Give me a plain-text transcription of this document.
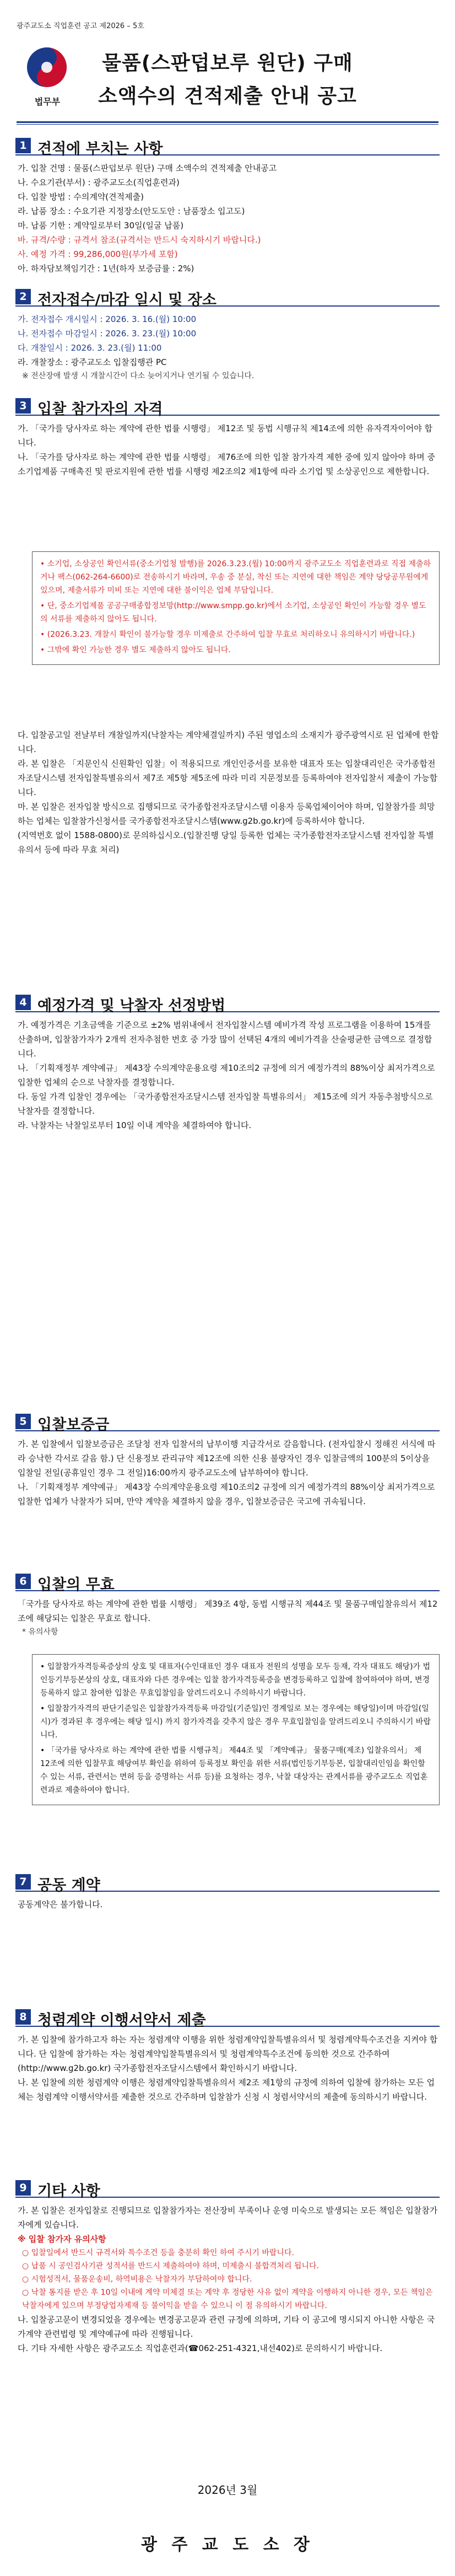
광주교도소 직업훈련 공고 제2026 – 5호
법무부
물품(스판덥보루 원단) 구매
소액수의 견적제출 안내 공고
1 견적에 부치는 사항

가. 입찰 건명 : 물품(스판덥보루 원단) 구매 소액수의 견적제출 안내공고

나. 수요기관(부서) : 광주교도소(직업훈련과)

다. 입찰 방법 : 수의계약(견적제출)

라. 납품 장소 : 수요기관 지정장소(안도도안 : 남품장소 입고도)

마. 납품 기한 : 계약일로부터 30일(일굴 납품)

바. 규격/수량 : 규격서 참조(규격서는 반드시 숙지하시기 바랍니다.)

사. 예정 가격 : 99,286,000원(부가세 포함)

아. 하자담보책임기간 : 1년(하자 보증금률 : 2%)

2 전자접수/마감 일시 및 장소

가. 전자접수 개시일시 : 2026. 3. 16.(월) 10:00

나. 전자접수 마감일시 : 2026. 3. 23.(월) 10:00

다. 개찰일시 : 2026. 3. 23.(월) 11:00

라. 개찰장소 : 광주교도소 입찰집행관 PC

※ 전산장애 발생 시 개찰시간이 다소 늦어지거나 연기될 수 있습니다.

3 입찰 참가자의 자격

가. 「국가를 당사자로 하는 계약에 관한 법률 시행령」 제12조 및 동법 시행규칙 제14조에 의한 유자격자이어야 합니다.

나. 「국가를 당사자로 하는 계약에 관한 법률 시행령」 제76조에 의한 입찰 참가자격 제한 중에 있지 않아야 하며 중소기업제품 구매촉진 및 판로지원에 관한 법률 시행령 제2조의2 제1항에 따라 소기업 및 소상공인으로 제한합니다.

• 소기업, 소상공인 확인서류(중소기업청 발행)를 2026.3.23.(월) 10:00까지 광주교도소 직업훈련과로 직접 제출하거나 팩스(062-264-6600)로 전송하시기 바라며, 우송 중 분실, 착신 또는 지연에 대한 책임은 계약 당당공무원에게 있으며, 제출서류가 미비 또는 지연에 대한 불이익은 업체 부담입니다.

• 단, 중소기업제품 공공구매종합정보망(http://www.smpp.go.kr)에서 소기업, 소상공인 확인이 가능할 경우 별도의 서류를 제출하지 않아도 됩니다.

• (2026.3.23. 개찰시 확인이 불가능할 경우 미제출로 간주하여 입찰 무효로 처리하오니 유의하시기 바랍니다.)

• 그밖에 확인 가능한 경우 별도 제출하지 않아도 됩니다.

다. 입찰공고일 전날부터 개찰일까지(낙찰자는 계약체결일까지) 주된 영업소의 소재지가 광주광역시로 된 업체에 한합니다.

라. 본 입찰은 「지문인식 신원확인 입찰」이 적용되므로 개인인증서를 보유한 대표자 또는 입찰대리인은 국가종합전자조달시스템 전자입찰특별유의서 제7조 제5항 제5조에 따라 미리 지문정보를 등록하여야 전자입찰서 제출이 가능합니다.

마. 본 입찰은 전자입찰 방식으로 집행되므로 국가종합전자조달시스템 이용자 등록업체이어야 하며, 입찰참가를 희망하는 업체는 입찰참가신청서를 국가종합전자조달시스템(www.g2b.go.kr)에 등록하셔야 합니다.

(지역번호 없이 1588-0800)로 문의하십시오.(입찰진행 당일 등록한 업체는 국가종합전자조달시스템 전자입찰 특별 유의서 등에 따라 무효 처리)

4 예정가격 및 낙찰자 선정방법

가. 예정가격은 기초금액을 기준으로 ±2% 범위내에서 전자입찰시스템 예비가격 작성 프로그램을 이용하여 15개를 산출하며, 입찰참가자가 2개씩 전자추첨한 번호 중 가장 많이 선택된 4개의 예비가격을 산술평균한 금액으로 결정합니다.

나. 「기획재정부 계약예규」 제43장 수의계약운용요령 제10조의2 규정에 의거 예정가격의 88%이상 최저가격으로 입찰한 업체의 순으로 낙찰자를 결정합니다.

다. 동일 가격 입찰인 경우에는 「국가종합전자조달시스템 전자입찰 특별유의서」 제15조에 의거 자동추첨방식으로 낙찰자를 결정합니다.

라. 낙찰자는 낙찰일로부터 10일 이내 계약을 체결하여야 합니다.

5 입찰보증금

가. 본 입찰에서 입찰보증금은 조달청 전자 입찰서의 납부이행 지급각서로 갈음합니다. (전자입찰시 정해진 서식에 따라 승낙한 각서로 갈음 함.) 단 신용정보 관리규약 제12조에 의한 신용 불량자인 경우 입찰금액의 100분의 5이상을 입찰일 전일(공휴일인 경우 그 전일)16:00까지 광주교도소에 납부하여야 합니다.

나. 「기획재정부 계약예규」 제43장 수의계약운용요령 제10조의2 규정에 의거 예정가격의 88%이상 최저가격으로 입찰한 업체가 낙찰자가 되며, 만약 계약을 체결하지 않을 경우, 입찰보증금은 국고에 귀속됩니다.

6 입찰의 무효

「국가를 당사자로 하는 계약에 관한 법률 시행령」 제39조 4항, 동법 시행규칙 제44조 및 물품구매입찰유의서 제12조에 해당되는 입찰은 무효로 합니다.

* 유의사항

• 입찰참가자격등록증상의 상호 및 대표자(수인대표인 경우 대표자 전원의 성명을 모두 등재, 각자 대표도 해당)가 법인등기부등본상의 상호, 대표자와 다른 경우에는 입찰 참가자격등록증을 변경등록하고 입찰에 참여하여야 하며, 변경등록하지 않고 참여한 입찰은 무효입찰임을 알려드리오니 주의하시기 바랍니다.

• 입찰참가자격의 판단기준일은 입찰참가자격등록 마감일(기준일)인 경계일로 보는 경우에는 해당일)이며 마감일(일시)가 경과된 후 경우에는 해당 일시) 까지 참가자격을 갖추지 않은 경우 무효입찰임을 알려드리오니 주의하시기 바랍니다.

• 「국가를 당사자로 하는 계약에 관한 법률 시행규칙」 제44조 및 「계약예규」 물품구매(제조) 입찰유의서」 제12조에 의한 입찰무효 해당여부 확인을 위하여 등록정보 확인을 위한 서류(법인등기부등본, 입찰대리인임을 확인할 수 있는 서류, 관련서는 면허 등을 증명하는 서류 등)를 요청하는 경우, 낙찰 대상자는 관계서류를 광주교도소 직업훈련과로 제출하여야 합니다.

7 공동 계약

공동계약은 불가합니다.

8 청렴계약 이행서약서 제출

가. 본 입찰에 참가하고자 하는 자는 청렴계약 이행을 위한 청렴계약입찰특별유의서 및 청렴계약특수조건을 지켜야 합니다. 단 입찰에 참가하는 자는 청렴계약입찰특별유의서 및 청렴계약특수조건에 동의한 것으로 간주하여(http://www.g2b.go.kr) 국가종합전자조달시스템에서 확인하시기 바랍니다.

나. 본 입찰에 의한 청렴계약 이행은 청렴계약입찰특별유의서 제2조 제1항의 규정에 의하여 입찰에 참가하는 모든 업체는 청렴계약 이행서약서를 제출한 것으로 간주하며 입찰참가 신청 시 청렴서약서의 제출에 동의하시기 바랍니다.

9 기타 사항

가. 본 입찰은 전자입찰로 진행되므로 입찰참가자는 전산장비 부족이나 운영 미숙으로 발생되는 모든 책임은 입찰참가자에게 있습니다.

※ 입찰 참가자 유의사항

○ 입찰일에서 반드시 규격서와 특수조건 등을 충분히 확인 하여 주시기 바랍니다.

○ 납품 시 공인검사기관 성적서를 반드시 제출하여야 하며, 미제출시 불합격처리 됩니다.

○ 시험성적서, 물품운송비, 하역비용은 낙찰자가 부담하여야 합니다.

○ 낙찰 통지를 받은 후 10일 이내에 계약 미체결 또는 계약 후 정당한 사유 없이 계약을 이행하지 아니한 경우, 모든 책임은 낙찰자에게 있으며 부정당업자제재 등 불이익을 받을 수 있으니 이 점 유의하시기 바랍니다.

나. 입찰공고문이 변경되었을 경우에는 변경공고문과 관련 규정에 의하며, 기타 이 공고에 명시되지 아니한 사항은 국가계약 관련법령 및 계약예규에 따라 진행됩니다.

다. 기타 자세한 사항은 광주교도소 직업훈련과(☎062-251-4321,내선402)로 문의하시기 바랍니다.

2026년 3월
광 주 교 도 소 장
